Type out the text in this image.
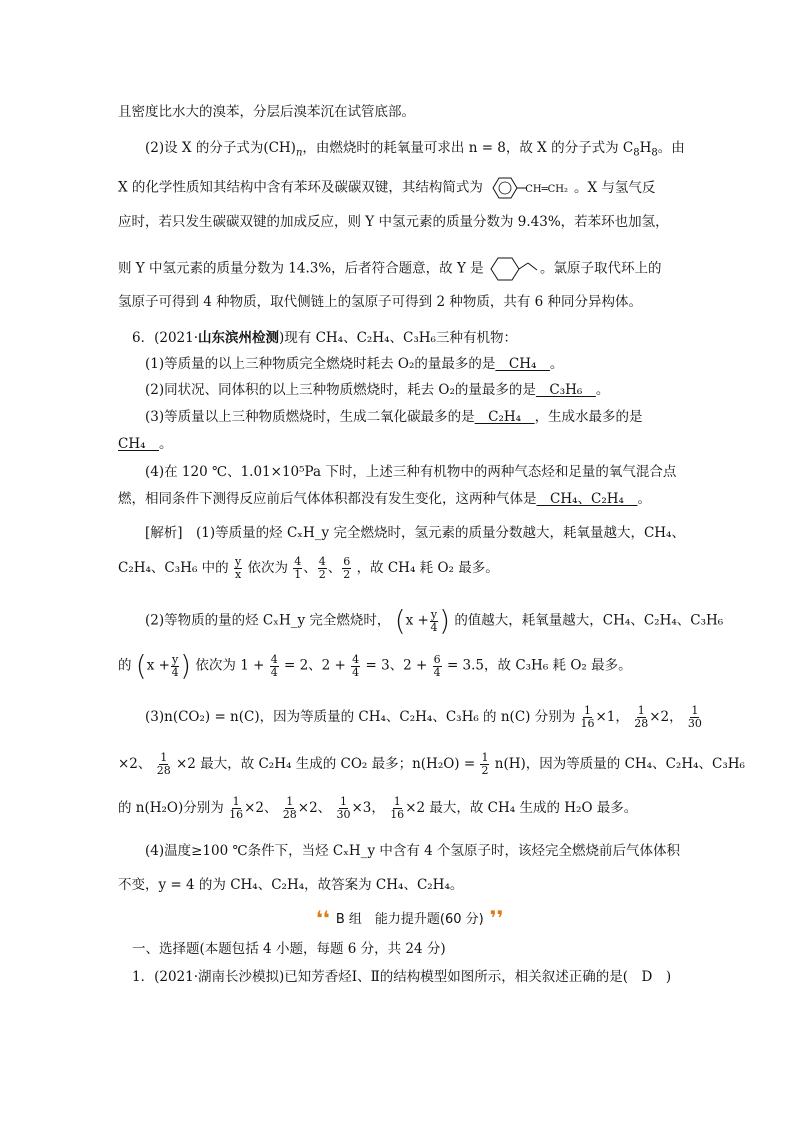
且密度比水大的溴苯，分层后溴苯沉在试管底部。
(2)设 X 的分子式为$(CH)_n$，由燃烧时的耗氧量可求出 n = 8，故 X 的分子式为 $C_8H_8$。由
X 的化学性质知其结构中含有苯环及碳碳双键，其结构简式为	CH═CH₂ 。X 与氢气反
应时，若只发生碳碳双键的加成反应，则 Y 中氢元素的质量分数为 9.43%，若苯环也加氢，
则 Y 中氢元素的质量分数为 14.3%，后者符合题意，故 Y 是	。氯原子取代环上的
氢原子可得到 4 种物质，取代侧链上的氢原子可得到 2 种物质，共有 6 种同分异构体。
6．(2021·山东滨州检测)现有 CH₄、C₂H₄、C₃H₆三种有机物：
(1)等质量的以上三种物质完全燃烧时耗去 O₂的量最多的是　CH₄　。
(2)同状况、同体积的以上三种物质燃烧时，耗去 O₂的量最多的是　C₃H₆　。
(3)等质量以上三种物质燃烧时，生成二氧化碳最多的是　C₂H₄　，生成水最多的是
CH₄　。
(4)在 120 ℃、1.01×10⁵Pa 下时，上述三种有机物中的两种气态烃和足量的氧气混合点
燃，相同条件下测得反应前后气体体积都没有发生变化，这两种气体是　CH₄、C₂H₄　。
[解析]　(1)等质量的烃 CₓH_y 完全燃烧时，氢元素的质量分数越大，耗氧量越大，CH₄、
C₂H₄、C₃H₆ 中的 $\frac{y}{x}$ 依次为 $\frac{4}{1}$ 、 $\frac{4}{2}$ 、 $\frac{6}{2}$ ，故 CH₄ 耗 O₂ 最多。
(2)等物质的量的烃 CₓH_y 完全燃烧时， ($x + \frac{y}{4}$ ) 的值越大，耗氧量越大，CH₄、C₂H₄、C₃H₆
的 ($x + \frac{y}{4}$ ) 依次为 $1 + \frac{4}{4} = 2$、$2 + \frac{4}{4} = 3$、$2 + \frac{6}{4} = 3.5$，故 C₃H₆ 耗 O₂ 最多。
(3)n(CO₂) = n(C)，因为等质量的 CH₄、C₂H₄、C₃H₆ 的 n(C) 分别为 $\frac{1}{16} \times 1$， $\frac{1}{28} \times 2$， $\frac{1}{30}$
×2、 $\frac{1}{28} \times 2$ 最大，故 C₂H₄ 生成的 CO₂ 最多；$n(H_2O) = \frac{1}{2} n(H)$，因为等质量的 CH₄、C₂H₄、C₃H₆
的 n(H₂O)分别为 $\frac{1}{16} \times 2$、 $\frac{1}{28} \times 2$、 $\frac{1}{30} \times 3$， $\frac{1}{16} \times 2$ 最大，故 CH₄ 生成的 H₂O 最多。
(4)温度≥100 ℃条件下，当烃 CₓH_y 中含有 4 个氢原子时，该烃完全燃烧前后气体体积
不变，y = 4 的为 CH₄、C₂H₄，故答案为 CH₄、C₂H₄。
❛❛ B 组　能力提升题(60 分) ❜❜
一、选择题(本题包括 4 小题，每题 6 分，共 24 分)
1．(2021·湖南长沙模拟)已知芳香烃Ⅰ、Ⅱ的结构模型如图所示，相关叙述正确的是(　D　)
